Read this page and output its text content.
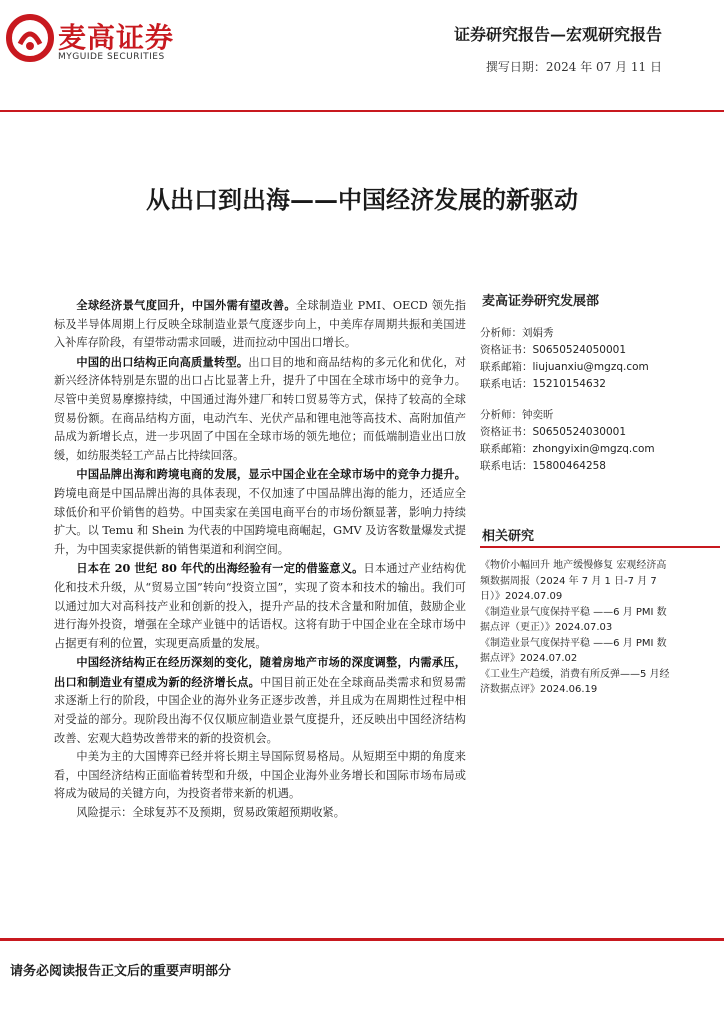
麦高证券
MYGUIDE SECURITIES
证券研究报告—宏观研究报告
撰写日期：2024 年 07 月 11 日
从出口到出海——中国经济发展的新驱动

全球经济景气度回升，中国外需有望改善。全球制造业 PMI、OECD 领先指标及半导体周期上行反映全球制造业景气度逐步向上，中美库存周期共振和美国进入补库存阶段，有望带动需求回暖，进而拉动中国出口增长。

中国的出口结构正向高质量转型。出口目的地和商品结构的多元化和优化，对新兴经济体特别是东盟的出口占比显著上升，提升了中国在全球市场中的竞争力。尽管中美贸易摩擦持续，中国通过海外建厂和转口贸易等方式，保持了较高的全球贸易份额。在商品结构方面，电动汽车、光伏产品和锂电池等高技术、高附加值产品成为新增长点，进一步巩固了中国在全球市场的领先地位；而低端制造业出口放缓，如纺服类轻工产品占比持续回落。

中国品牌出海和跨境电商的发展，显示中国企业在全球市场中的竞争力提升。跨境电商是中国品牌出海的具体表现，不仅加速了中国品牌出海的能力，还适应全球低价和平价销售的趋势。中国卖家在美国电商平台的市场份额显著，影响力持续扩大。以 Temu 和 Shein 为代表的中国跨境电商崛起，GMV 及访客数量爆发式提升，为中国卖家提供新的销售渠道和利润空间。

日本在 20 世纪 80 年代的出海经验有一定的借鉴意义。日本通过产业结构优化和技术升级，从“贸易立国”转向“投资立国”，实现了资本和技术的输出。我们可以通过加大对高科技产业和创新的投入，提升产品的技术含量和附加值，鼓励企业进行海外投资，增强在全球产业链中的话语权。这将有助于中国企业在全球市场中占据更有利的位置，实现更高质量的发展。

中国经济结构正在经历深刻的变化，随着房地产市场的深度调整，内需承压，出口和制造业有望成为新的经济增长点。中国目前正处在全球商品类需求和贸易需求逐渐上行的阶段，中国企业的海外业务正逐步改善，并且成为在周期性过程中相对受益的部分。现阶段出海不仅仅顺应制造业景气度提升，还反映出中国经济结构改善、宏观大趋势改善带来的新的投资机会。

中美为主的大国博弈已经并将长期主导国际贸易格局。从短期至中期的角度来看，中国经济结构正面临着转型和升级，中国企业海外业务增长和国际市场布局或将成为破局的关键方向，为投资者带来新的机遇。

风险提示：全球复苏不及预期，贸易政策超预期收紧。

麦高证券研究发展部
分析师：刘娟秀
资格证书：S0650524050001
联系邮箱：liujuanxiu@mgzq.com
联系电话：15210154632
分析师：钟奕昕
资格证书：S0650524030001
联系邮箱：zhongyixin@mgzq.com
联系电话：15800464258
相关研究
《物价小幅回升 地产缓慢修复 宏观经济高频数据周报（2024 年 7 月 1 日-7 月 7 日）》2024.07.09
《制造业景气度保持平稳 ——6 月 PMI 数据点评（更正）》2024.07.03
《制造业景气度保持平稳 ——6 月 PMI 数据点评》2024.07.02
《工业生产趋缓，消费有所反弹——5 月经济数据点评》2024.06.19
请务必阅读报告正文后的重要声明部分
